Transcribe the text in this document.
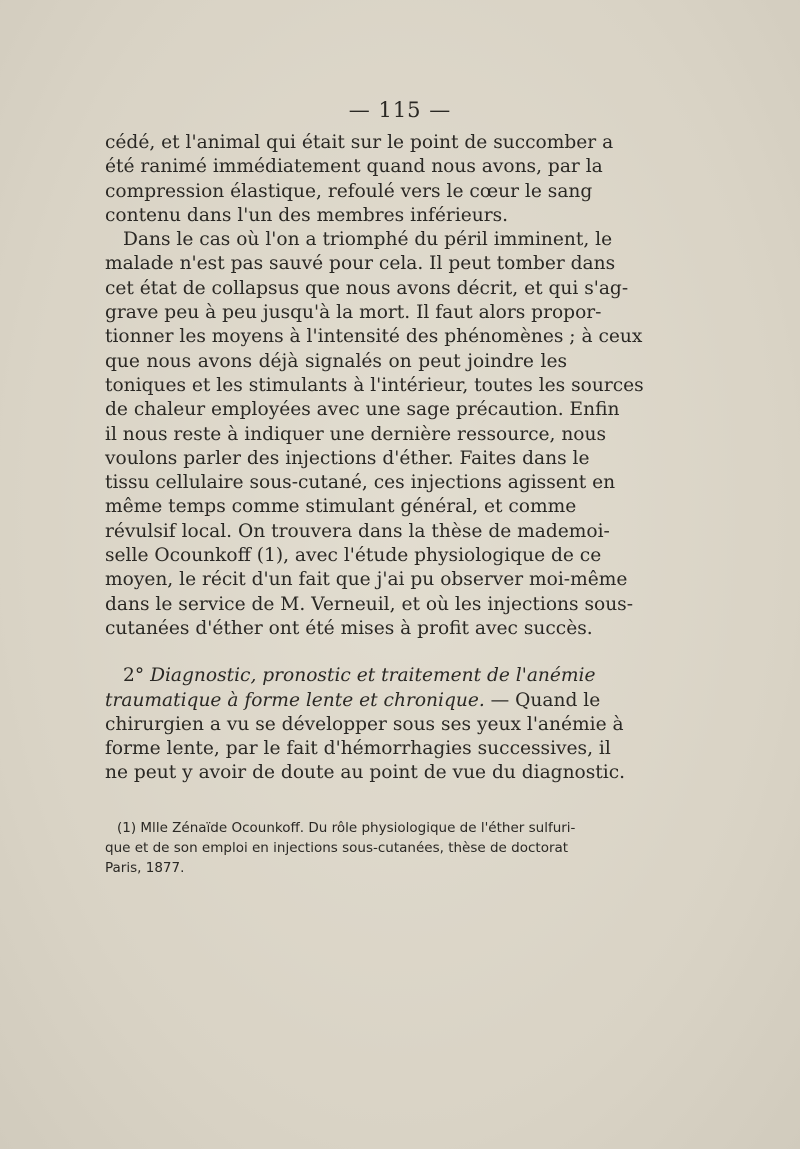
— 115 —
cédé, et l'animal qui était sur le point de succomber a
été ranimé immédiatement quand nous avons, par la
compression élastique, refoulé vers le cœur le sang
contenu dans l'un des membres inférieurs.
Dans le cas où l'on a triomphé du péril imminent, le
malade n'est pas sauvé pour cela. Il peut tomber dans
cet état de collapsus que nous avons décrit, et qui s'ag-
grave peu à peu jusqu'à la mort. Il faut alors propor-
tionner les moyens à l'intensité des phénomènes ; à ceux
que nous avons déjà signalés on peut joindre les
toniques et les stimulants à l'intérieur, toutes les sources
de chaleur employées avec une sage précaution. Enfin
il nous reste à indiquer une dernière ressource, nous
voulons parler des injections d'éther. Faites dans le
tissu cellulaire sous-cutané, ces injections agissent en
même temps comme stimulant général, et comme
révulsif local. On trouvera dans la thèse de mademoi-
selle Ocounkoff (1), avec l'étude physiologique de ce
moyen, le récit d'un fait que j'ai pu observer moi-même
dans le service de M. Verneuil, et où les injections sous-
cutanées d'éther ont été mises à profit avec succès.
2° Diagnostic, pronostic et traitement de l'anémie
traumatique à forme lente et chronique. — Quand le
chirurgien a vu se développer sous ses yeux l'anémie à
forme lente, par le fait d'hémorrhagies successives, il
ne peut y avoir de doute au point de vue du diagnostic.
(1) Mlle Zénaïde Ocounkoff. Du rôle physiologique de l'éther sulfuri-
que et de son emploi en injections sous-cutanées, thèse de doctorat
Paris, 1877.
